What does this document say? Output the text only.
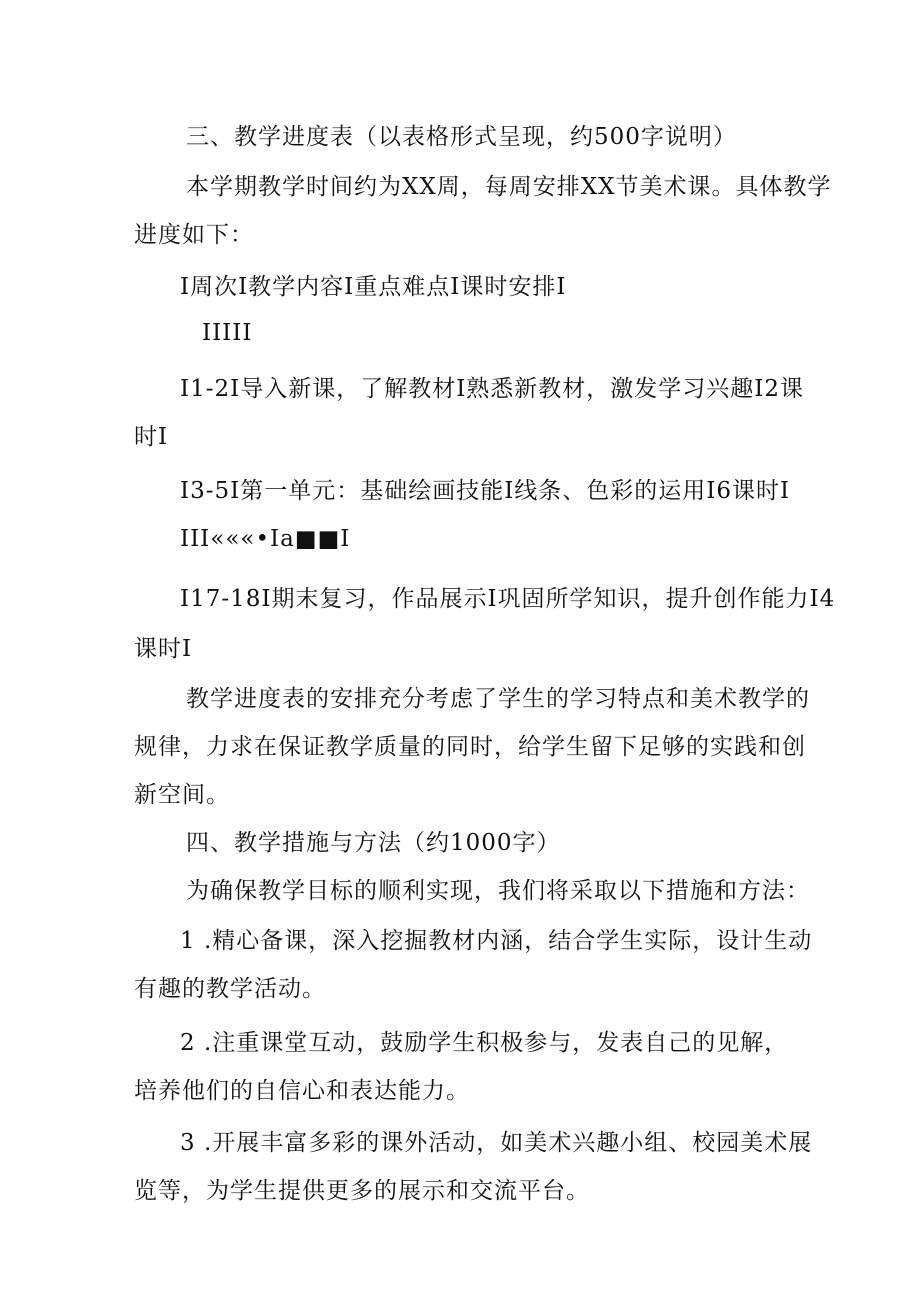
三、教学进度表（以表格形式呈现，约500字说明）
本学期教学时间约为XX周，每周安排XX节美术课。具体教学
进度如下：
I周次I教学内容I重点难点I课时安排I
IIIII
I1-2I导入新课，了解教材I熟悉新教材，激发学习兴趣I2课
时I
I3-5I第一单元：基础绘画技能I线条、色彩的运用I6课时I
III«««•Ia■■I
I17-18I期末复习，作品展示I巩固所学知识，提升创作能力I4
课时I
教学进度表的安排充分考虑了学生的学习特点和美术教学的
规律，力求在保证教学质量的同时，给学生留下足够的实践和创
新空间。
四、教学措施与方法（约1000字）
为确保教学目标的顺利实现，我们将采取以下措施和方法：
1 .精心备课，深入挖掘教材内涵，结合学生实际，设计生动
有趣的教学活动。
2 .注重课堂互动，鼓励学生积极参与，发表自己的见解，
培养他们的自信心和表达能力。
3 .开展丰富多彩的课外活动，如美术兴趣小组、校园美术展
览等，为学生提供更多的展示和交流平台。
